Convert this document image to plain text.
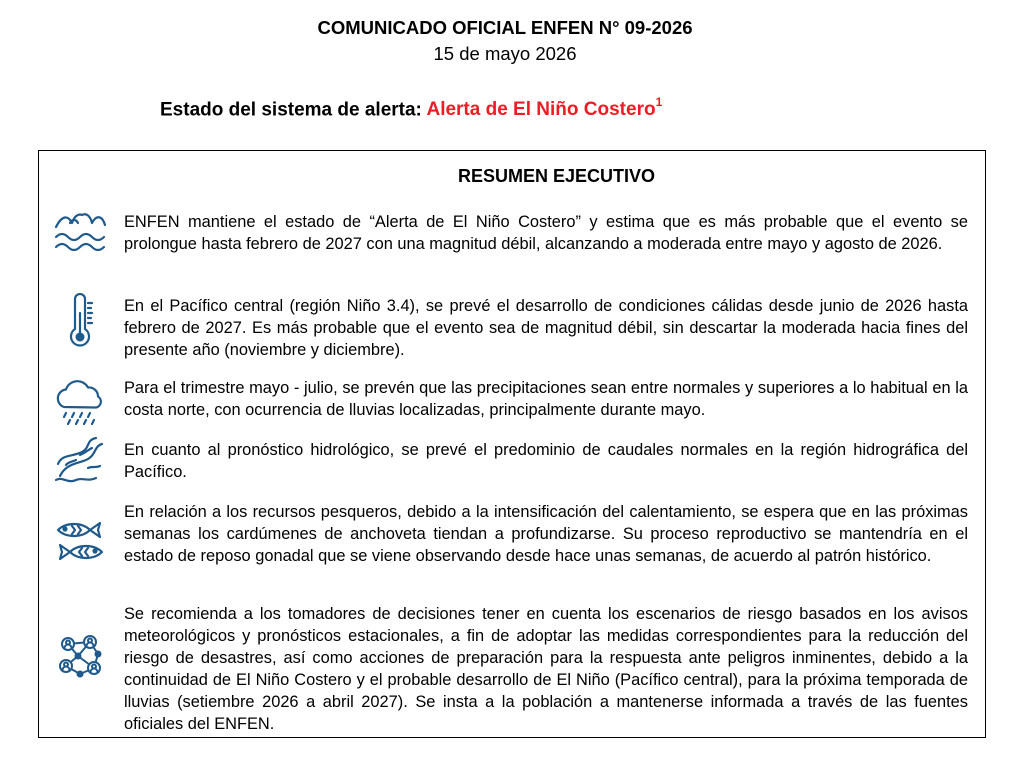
COMUNICADO OFICIAL ENFEN N° 09-2026
15 de mayo 2026
Estado del sistema de alerta: Alerta de El Niño Costero$^1$
RESUMEN EJECUTIVO

ENFEN mantiene el estado de “Alerta de El Niño Costero” y estima que es más probable que el evento se prolongue hasta febrero de 2027 con una magnitud débil, alcanzando a moderada entre mayo y agosto de 2026.

En el Pacífico central (región Niño 3.4), se prevé el desarrollo de condiciones cálidas desde junio de 2026 hasta febrero de 2027. Es más probable que el evento sea de magnitud débil, sin descartar la moderada hacia fines del presente año (noviembre y diciembre).

Para el trimestre mayo - julio, se prevén que las precipitaciones sean entre normales y superiores a lo habitual en la costa norte, con ocurrencia de lluvias localizadas, principalmente durante mayo.

En cuanto al pronóstico hidrológico, se prevé el predominio de caudales normales en la región hidrográfica del Pacífico.

En relación a los recursos pesqueros, debido a la intensificación del calentamiento, se espera que en las próximas semanas los cardúmenes de anchoveta tiendan a profundizarse. Su proceso reproductivo se mantendría en el estado de reposo gonadal que se viene observando desde hace unas semanas, de acuerdo al patrón histórico.

Se recomienda a los tomadores de decisiones tener en cuenta los escenarios de riesgo basados en los avisos meteorológicos y pronósticos estacionales, a fin de adoptar las medidas correspondientes para la reducción del riesgo de desastres, así como acciones de preparación para la respuesta ante peligros inminentes, debido a la continuidad de El Niño Costero y el probable desarrollo de El Niño (Pacífico central), para la próxima temporada de lluvias (setiembre 2026 a abril 2027). Se insta a la población a mantenerse informada a través de las fuentes oficiales del ENFEN.
